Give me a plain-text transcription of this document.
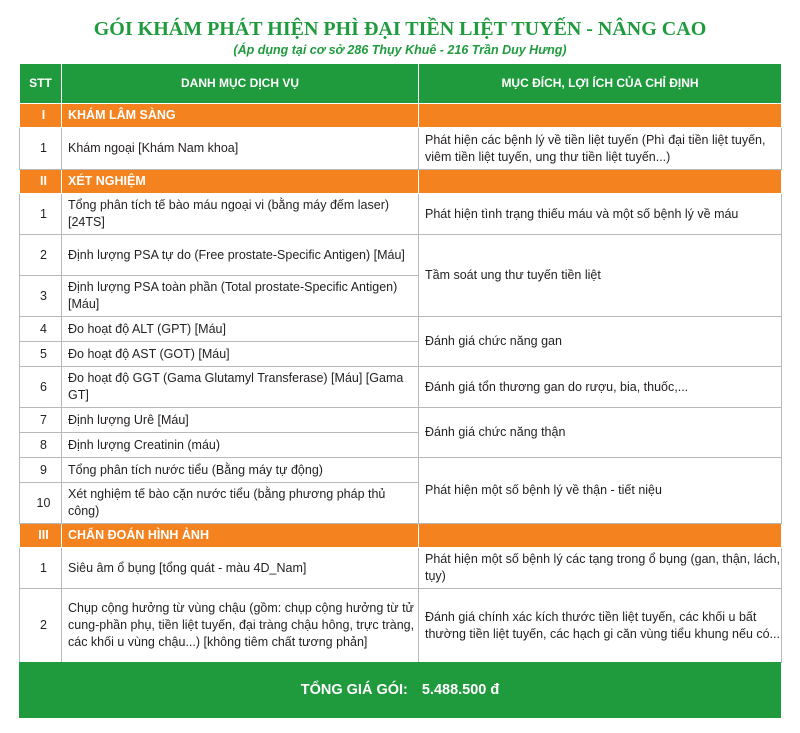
GÓI KHÁM PHÁT HIỆN PHÌ ĐẠI TIỀN LIỆT TUYẾN - NÂNG CAO
(Áp dụng tại cơ sở 286 Thụy Khuê - 216 Trần Duy Hưng)
STT	DANH MỤC DỊCH VỤ	MỤC ĐÍCH, LỢI ÍCH CỦA CHỈ ĐỊNH
I	KHÁM LÂM SÀNG	
1	Khám ngoại [Khám Nam khoa]	Phát hiện các bệnh lý về tiền liệt tuyến (Phì đại tiền liệt tuyến, viêm tiền liệt tuyến, ung thư tiền liệt tuyến...)
II	XÉT NGHIỆM	
1	Tổng phân tích tế bào máu ngoại vi (bằng máy đếm laser) [24TS]	Phát hiện tình trạng thiếu máu và một số bệnh lý về máu
2	Định lượng PSA tự do (Free prostate-Specific Antigen) [Máu]	Tầm soát ung thư tuyến tiền liệt
3	Định lượng PSA toàn phần (Total prostate-Specific Antigen) [Máu]	
4	Đo hoạt độ ALT (GPT) [Máu]	Đánh giá chức năng gan
5	Đo hoạt độ AST (GOT) [Máu]	
6	Đo hoạt độ GGT (Gama Glutamyl Transferase) [Máu] [Gama GT]	Đánh giá tổn thương gan do rượu, bia, thuốc,...
7	Định lượng Urê [Máu]	Đánh giá chức năng thận
8	Định lượng Creatinin (máu)	
9	Tổng phân tích nước tiểu (Bằng máy tự động)	Phát hiện một số bệnh lý về thận - tiết niệu
10	Xét nghiệm tế bào cặn nước tiểu (bằng phương pháp thủ công)	
III	CHẨN ĐOÁN HÌNH ẢNH	
1	Siêu âm ổ bụng [tổng quát - màu 4D_Nam]	Phát hiện một số bệnh lý các tạng trong ổ bụng (gan, thận, lách, tụy)
2	Chụp cộng hưởng từ vùng chậu (gồm: chụp cộng hưởng từ tử cung-phần phụ, tiền liệt tuyến, đại tràng chậu hông, trực tràng, các khối u vùng chậu...) [không tiêm chất tương phản]	Đánh giá chính xác kích thước tiền liệt tuyến, các khối u bất thường tiền liệt tuyến, các hạch gi căn vùng tiểu khung nếu có...
TỔNG GIÁ GÓI: 5.488.500 đ
